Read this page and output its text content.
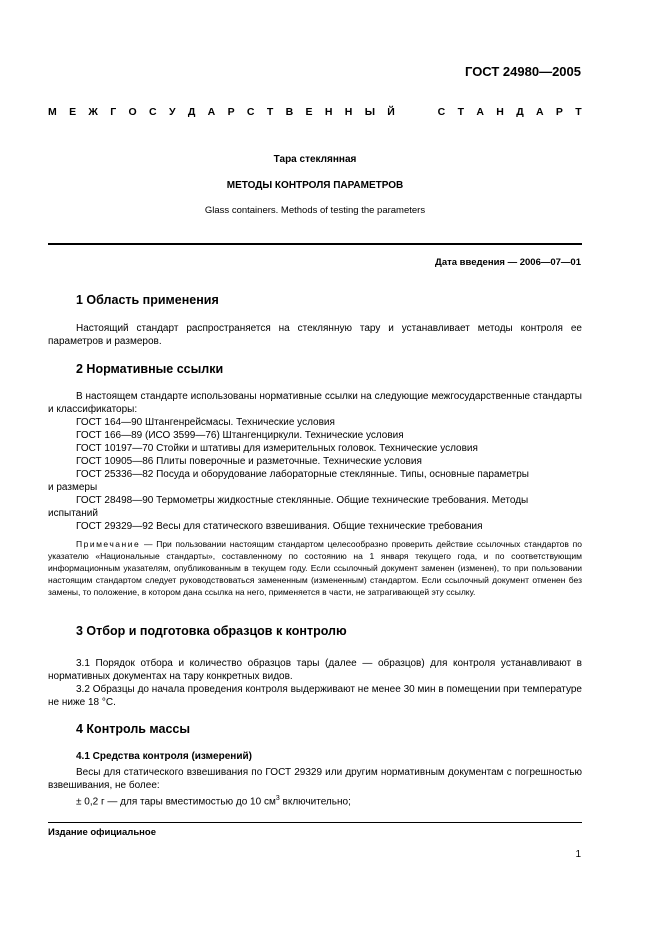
ГОСТ 24980—2005
М Е Ж Г О С У Д А Р С Т В Е Н Н Ы Й

	С Т А Н Д А Р Т
Тара стеклянная
МЕТОДЫ КОНТРОЛЯ ПАРАМЕТРОВ
Glass containers. Methods of testing the parameters
Дата введения — 2006—07—01
1 Область применения

Настоящий стандарт распространяется на стеклянную тару и устанавливает методы контроля ее параметров и размеров.

2 Нормативные ссылки

В настоящем стандарте использованы нормативные ссылки на следующие межгосударственные стандарты и классификаторы:

ГОСТ 164—90 Штангенрейсмасы. Технические условия
ГОСТ 166—89 (ИСО 3599—76) Штангенциркули. Технические условия
ГОСТ 10197—70 Стойки и штативы для измерительных головок. Технические условия
ГОСТ 10905—86 Плиты поверочные и разметочные. Технические условия
ГОСТ 25336—82 Посуда и оборудование лабораторные стеклянные. Типы, основные параметры
и размеры
ГОСТ 28498—90 Термометры жидкостные стеклянные. Общие технические требования. Методы
испытаний
ГОСТ 29329—92 Весы для статического взвешивания. Общие технические требования

Примечание — При пользовании настоящим стандартом целесообразно проверить действие ссылочных стандартов по указателю «Национальные стандарты», составленному по состоянию на 1 января текущего года, и по соответствующим информационным указателям, опубликованным в текущем году. Если ссылочный документ заменен (изменен), то при пользовании настоящим стандартом следует руководствоваться замененным (измененным) стандартом. Если ссылочный документ отменен без замены, то положение, в котором дана ссылка на него, применяется в части, не затрагивающей эту ссылку.

3 Отбор и подготовка образцов к контролю

3.1 Порядок отбора и количество образцов тары (далее — образцов) для контроля устанавливают в нормативных документах на тару конкретных видов.

3.2 Образцы до начала проведения контроля выдерживают не менее 30 мин в помещении при температуре не ниже 18 °С.

4 Контроль массы
4.1 Средства контроля (измерений)

Весы для статического взвешивания по ГОСТ 29329 или другим нормативным документам с погрешностью взвешивания, не более:

± 0,2 г — для тары вместимостью до 10 $см^3$ включительно;

Издание официальное
1
